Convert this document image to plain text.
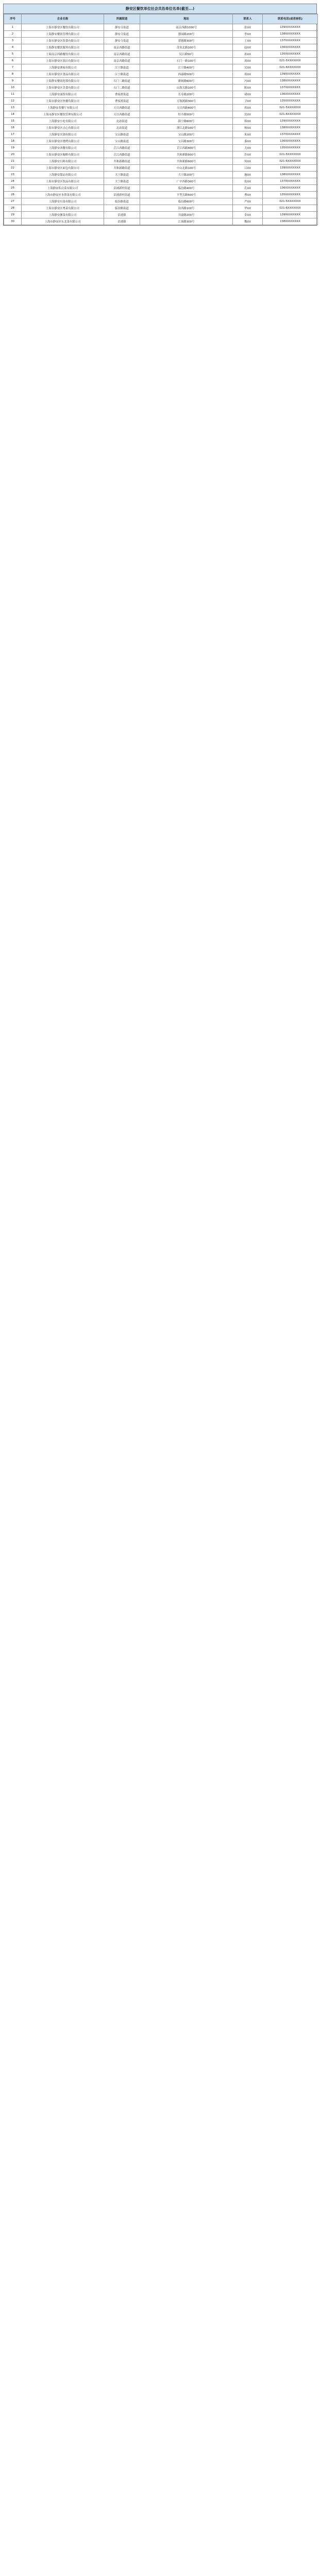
静安区餐饮单位社会共治单位名单(截至...)
序号	企业名称	所属街道	地址	联系人	联系电话(或者座机)
1	上海市静安区餐饮有限公司	静安寺街道	南京西路1000号	张XX	139XXXXXXXX
2	上海静安餐饮管理有限公司	静安寺街道	愚园路200号	李XX	138XXXXXXXX
3	上海市静安区饮食有限公司	静安寺街道	常德路300号	王XX	137XXXXXXXX
4	上海静安餐饮服务有限公司	南京西路街道	茂名北路100号	赵XX	136XXXXXXXX
5	上海南京西路餐饮有限公司	南京西路街道	吴江路50号	孙XX	135XXXXXXXX
6	上海市静安区饭店有限公司	南京西路街道	石门一路100号	周XX	021-5XXXXXXX
7	上海静安酒家有限公司	江宁路街道	江宁路400号	吴XX	021-6XXXXXXX
8	上海市静安区食品有限公司	江宁路街道	西康路500号	郑XX	139XXXXXXXX
9	上海静安餐饮连锁有限公司	石门二路街道	新闸路600号	冯XX	138XXXXXXXX
10	上海市静安区美食有限公司	石门二路街道	山海关路100号	陈XX	137XXXXXXXX
11	上海静安面馆有限公司	曹家渡街道	长寿路200号	褚XX	136XXXXXXXX
12	上海市静安区快餐有限公司	曹家渡街道	万航渡路300号	卫XX	135XXXXXXXX
13	上海静安茶餐厅有限公司	天目西路街道	天目西路400号	蒋XX	021-5XXXXXXX
14	上海市静安区餐饮管理有限公司	天目西路街道	恒丰路500号	沈XX	021-6XXXXXXX
15	上海静安小吃有限公司	北站街道	海宁路600号	韩XX	139XXXXXXXX
16	上海市静安区点心有限公司	北站街道	浙江北路100号	杨XX	138XXXXXXXX
17	上海静安火锅有限公司	宝山路街道	宝山路200号	朱XX	137XXXXXXXX
18	上海市静安区烧烤有限公司	宝山路街道	宝昌路300号	秦XX	136XXXXXXXX
19	上海静安西餐有限公司	芷江西路街道	芷江西路400号	尤XX	135XXXXXXXX
20	上海市静安区咖啡有限公司	芷江西路街道	共和新路500号	许XX	021-5XXXXXXX
21	上海静安日料有限公司	共和新路街道	共和新路600号	何XX	021-6XXXXXXX
22	上海市静安区面包有限公司	共和新路街道	中山北路100号	吕XX	139XXXXXXXX
23	上海静安甜品有限公司	大宁路街道	大宁路200号	施XX	138XXXXXXXX
24	上海市静安区饮品有限公司	大宁路街道	广中西路300号	张XX	137XXXXXXXX
25	上海静安私房菜有限公司	彭浦新村街道	临汾路400号	孔XX	136XXXXXXXX
26	上海市静安区本帮菜有限公司	彭浦新村街道	平型关路500号	曹XX	135XXXXXXXX
27	上海静安川菜有限公司	临汾路街道	临汾路600号	严XX	021-5XXXXXXX
28	上海市静安区粤菜有限公司	临汾路街道	汾西路100号	华XX	021-6XXXXXXX
29	上海静安湘菜有限公司	彭浦镇	共康路200号	金XX	139XXXXXXXX
30	上海市静安区东北菜有限公司	彭浦镇	江场路300号	魏XX	138XXXXXXXX
